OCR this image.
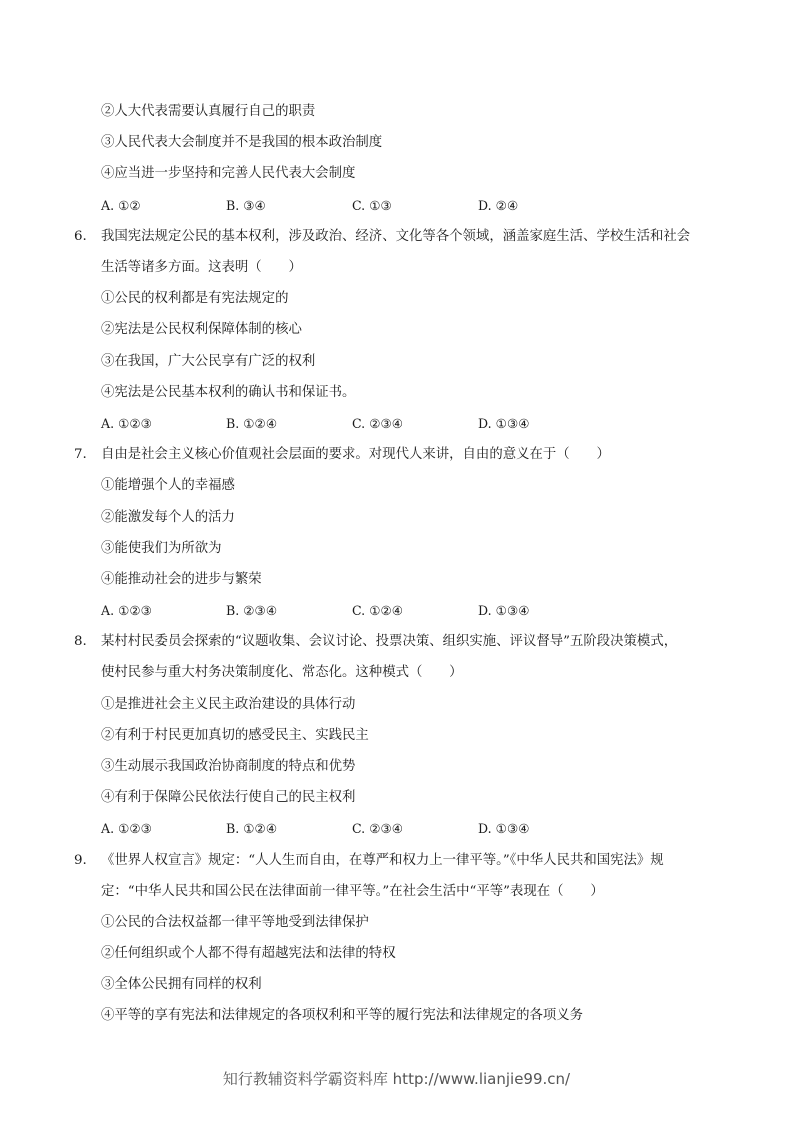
②人大代表需要认真履行自己的职责
③人民代表大会制度并不是我国的根本政治制度
④应当进一步坚持和完善人民代表大会制度
A. ①②	B. ③④	C. ①③	D. ②④
6. 我国宪法规定公民的基本权利，涉及政治、经济、文化等各个领域，涵盖家庭生活、学校生活和社会
生活等诸多方面。这表明（　　）
①公民的权利都是有宪法规定的
②宪法是公民权利保障体制的核心
③在我国，广大公民享有广泛的权利
④宪法是公民基本权利的确认书和保证书。
A. ①②③	B. ①②④	C. ②③④	D. ①③④
7. 自由是社会主义核心价值观社会层面的要求。对现代人来讲，自由的意义在于（　　）
①能增强个人的幸福感
②能激发每个人的活力
③能使我们为所欲为
④能推动社会的进步与繁荣
A. ①②③	B. ②③④	C. ①②④	D. ①③④
8. 某村村民委员会探索的“议题收集、会议讨论、投票决策、组织实施、评议督导”五阶段决策模式，
使村民参与重大村务决策制度化、常态化。这种模式（　　）
①是推进社会主义民主政治建设的具体行动
②有利于村民更加真切的感受民主、实践民主
③生动展示我国政治协商制度的特点和优势
④有利于保障公民依法行使自己的民主权利
A. ①②③	B. ①②④	C. ②③④	D. ①③④
9. 《世界人权宣言》规定：“人人生而自由，在尊严和权力上一律平等。”《中华人民共和国宪法》规
定：“中华人民共和国公民在法律面前一律平等。”在社会生活中“平等”表现在（　　）
①公民的合法权益都一律平等地受到法律保护
②任何组织或个人都不得有超越宪法和法律的特权
③全体公民拥有同样的权利
④平等的享有宪法和法律规定的各项权利和平等的履行宪法和法律规定的各项义务
知行教辅资料学霸资料库 http://www.lianjie99.cn/
